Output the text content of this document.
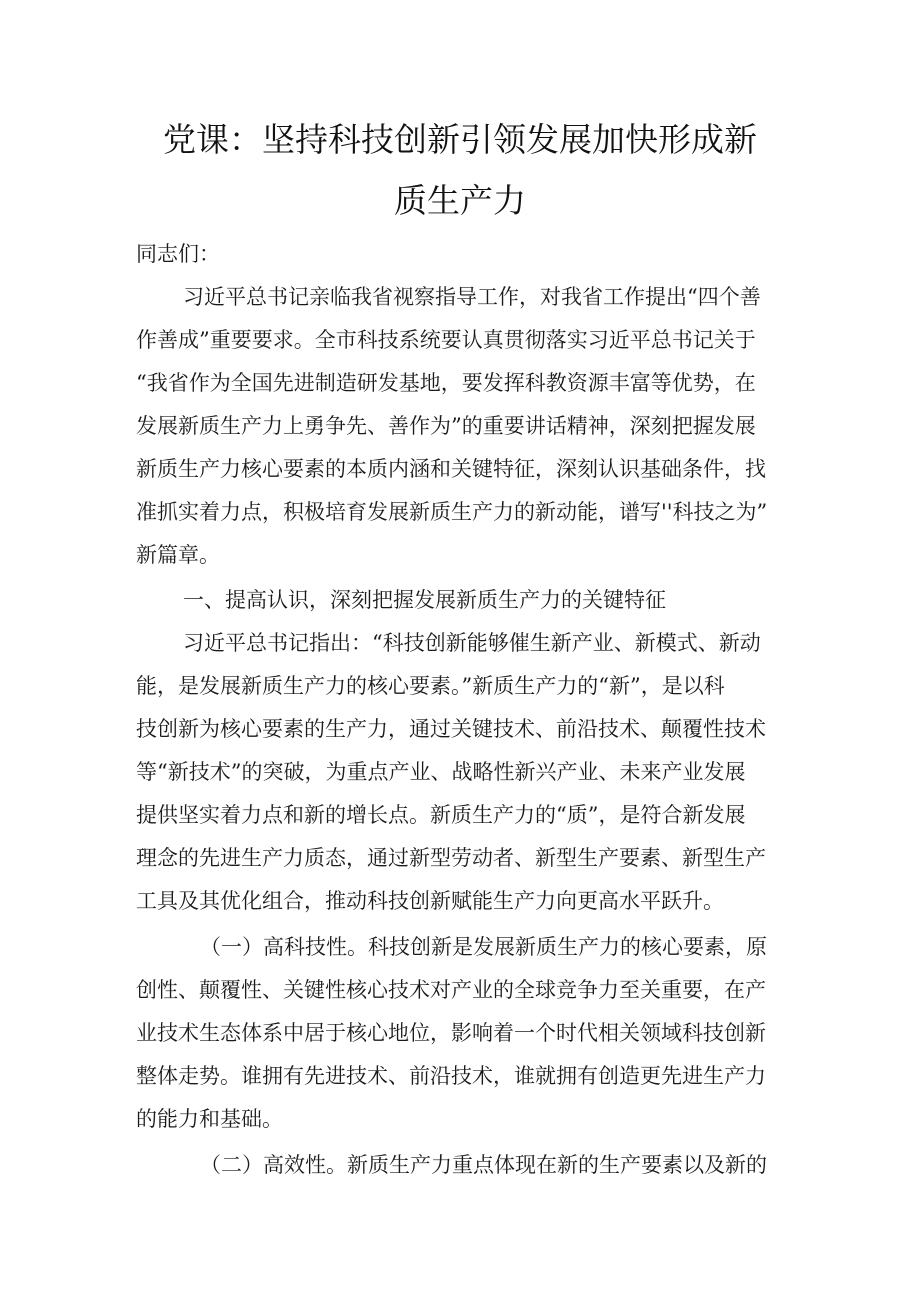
党课：坚持科技创新引领发展加快形成新
质生产力
同志们：
习近平总书记亲临我省视察指导工作，对我省工作提出“四个善
作善成”重要要求。全市科技系统要认真贯彻落实习近平总书记关于
“我省作为全国先进制造研发基地，要发挥科教资源丰富等优势，在
发展新质生产力上勇争先、善作为”的重要讲话精神，深刻把握发展
新质生产力核心要素的本质内涵和关键特征，深刻认识基础条件，找
准抓实着力点，积极培育发展新质生产力的新动能，谱写''科技之为”
新篇章。
一、提高认识，深刻把握发展新质生产力的关键特征
习近平总书记指出：“科技创新能够催生新产业、新模式、新动
能，是发展新质生产力的核心要素。”新质生产力的“新”，是以科
技创新为核心要素的生产力，通过关键技术、前沿技术、颠覆性技术
等“新技术”的突破，为重点产业、战略性新兴产业、未来产业发展
提供坚实着力点和新的增长点。新质生产力的“质”，是符合新发展
理念的先进生产力质态，通过新型劳动者、新型生产要素、新型生产
工具及其优化组合，推动科技创新赋能生产力向更高水平跃升。
（一）高科技性。科技创新是发展新质生产力的核心要素，原
创性、颠覆性、关键性核心技术对产业的全球竞争力至关重要，在产
业技术生态体系中居于核心地位，影响着一个时代相关领域科技创新
整体走势。谁拥有先进技术、前沿技术，谁就拥有创造更先进生产力
的能力和基础。
（二）高效性。新质生产力重点体现在新的生产要素以及新的
